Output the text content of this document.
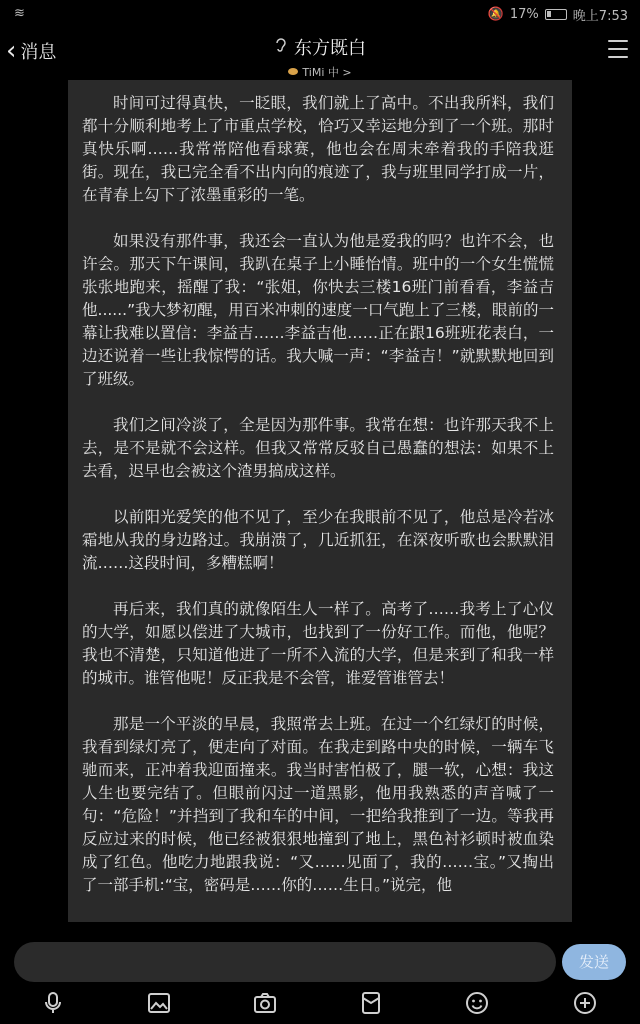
≋	🔕 17%	晚上7:53
‹ 消息	东方既白

TiMi 中 >

时间可过得真快，一眨眼，我们就上了高中。不出我所料，我们都十分顺利地考上了市重点学校，恰巧又幸运地分到了一个班。那时真快乐啊……我常常陪他看球赛，他也会在周末牵着我的手陪我逛街。现在，我已完全看不出内向的痕迹了，我与班里同学打成一片，在青春上勾下了浓墨重彩的一笔。

如果没有那件事，我还会一直认为他是爱我的吗？也许不会，也许会。那天下午课间，我趴在桌子上小睡怡情。班中的一个女生慌慌张张地跑来，摇醒了我：“张姐，你快去三楼16班门前看看，李益吉他......”我大梦初醒，用百米冲刺的速度一口气跑上了三楼，眼前的一幕让我难以置信：李益吉……李益吉他……正在跟16班班花表白，一边还说着一些让我惊愕的话。我大喊一声：“李益吉！”就默默地回到了班级。

我们之间冷淡了，全是因为那件事。我常在想：也许那天我不上去，是不是就不会这样。但我又常常反驳自己愚蠢的想法：如果不上去看，迟早也会被这个渣男搞成这样。

以前阳光爱笑的他不见了，至少在我眼前不见了，他总是冷若冰霜地从我的身边路过。我崩溃了，几近抓狂，在深夜听歌也会默默泪流……这段时间，多糟糕啊！

再后来，我们真的就像陌生人一样了。高考了……我考上了心仪的大学，如愿以偿进了大城市，也找到了一份好工作。而他，他呢？我也不清楚，只知道他进了一所不入流的大学，但是来到了和我一样的城市。谁管他呢！反正我是不会管，谁爱管谁管去！

那是一个平淡的早晨，我照常去上班。在过一个红绿灯的时候，我看到绿灯亮了，便走向了对面。在我走到路中央的时候，一辆车飞驰而来，正冲着我迎面撞来。我当时害怕极了，腿一软，心想：我这人生也要完结了。但眼前闪过一道黑影，他用我熟悉的声音喊了一句：“危险！”并挡到了我和车的中间，一把给我推到了一边。等我再反应过来的时候，他已经被狠狠地撞到了地上，黑色衬衫顿时被血染成了红色。他吃力地跟我说：“又……见面了，我的……宝。”又掏出了一部手机:“宝，密码是……你的……生日。”说完，他

发送
